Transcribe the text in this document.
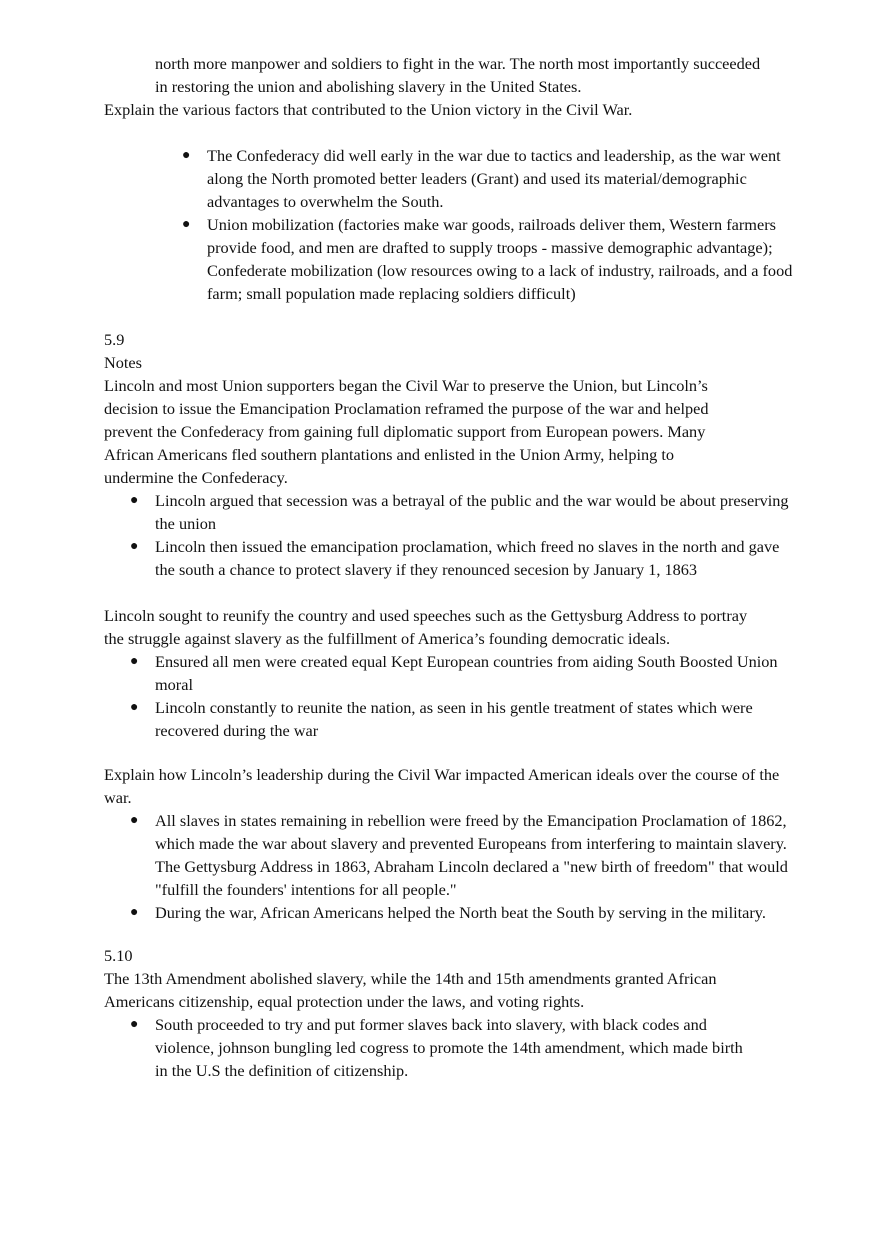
north more manpower and soldiers to fight in the war. The north most importantly succeeded in restoring the union and abolishing slavery in the United States.

Explain the various factors that contributed to the Union victory in the Civil War.

● The Confederacy did well early in the war due to tactics and leadership, as the war went along the North promoted better leaders (Grant) and used its material/demographic advantages to overwhelm the South.
● Union mobilization (factories make war goods, railroads deliver them, Western farmers provide food, and men are drafted to supply troops - massive demographic advantage); Confederate mobilization (low resources owing to a lack of industry, railroads, and a food farm; small population made replacing soldiers difficult)

5.9

Notes

Lincoln and most Union supporters began the Civil War to preserve the Union, but Lincoln’s decision to issue the Emancipation Proclamation reframed the purpose of the war and helped prevent the Confederacy from gaining full diplomatic support from European powers. Many African Americans fled southern plantations and enlisted in the Union Army, helping to undermine the Confederacy.

● Lincoln argued that secession was a betrayal of the public and the war would be about preserving the union
● Lincoln then issued the emancipation proclamation, which freed no slaves in the north and gave the south a chance to protect slavery if they renounced secesion by January 1, 1863

Lincoln sought to reunify the country and used speeches such as the Gettysburg Address to portray the struggle against slavery as the fulfillment of America’s founding democratic ideals.

● Ensured all men were created equal Kept European countries from aiding South Boosted Union moral
● Lincoln constantly to reunite the nation, as seen in his gentle treatment of states which were recovered during the war

Explain how Lincoln’s leadership during the Civil War impacted American ideals over the course of the war.

● All slaves in states remaining in rebellion were freed by the Emancipation Proclamation of 1862, which made the war about slavery and prevented Europeans from interfering to maintain slavery. The Gettysburg Address in 1863, Abraham Lincoln declared a "new birth of freedom" that would "fulfill the founders' intentions for all people."
● During the war, African Americans helped the North beat the South by serving in the military.

5.10

The 13th Amendment abolished slavery, while the 14th and 15th amendments granted African Americans citizenship, equal protection under the laws, and voting rights.

● South proceeded to try and put former slaves back into slavery, with black codes and violence, johnson bungling led cogress to promote the 14th amendment, which made birth in the U.S the definition of citizenship.
